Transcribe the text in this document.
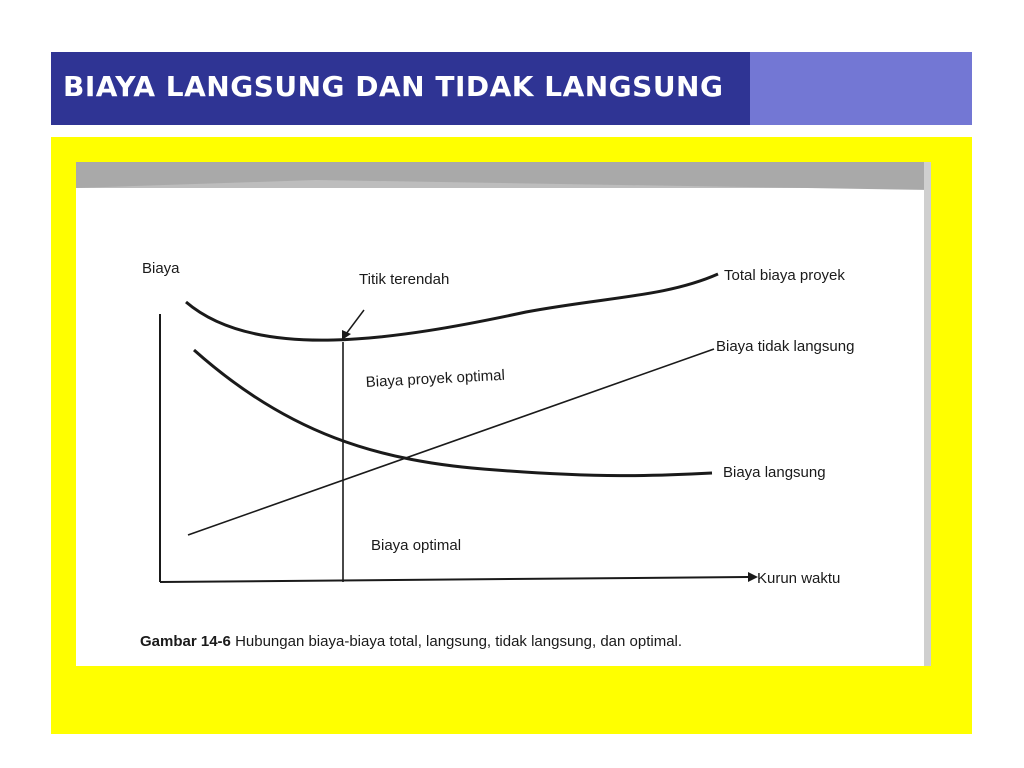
BIAYA LANGSUNG DAN TIDAK LANGSUNG
Biaya
Titik terendah	Total biaya proyek
Biaya tidak langsung
Biaya proyek optimal
Biaya langsung
Biaya optimal
Kurun waktu
Gambar 14-6 Hubungan biaya-biaya total, langsung, tidak langsung, dan optimal.
